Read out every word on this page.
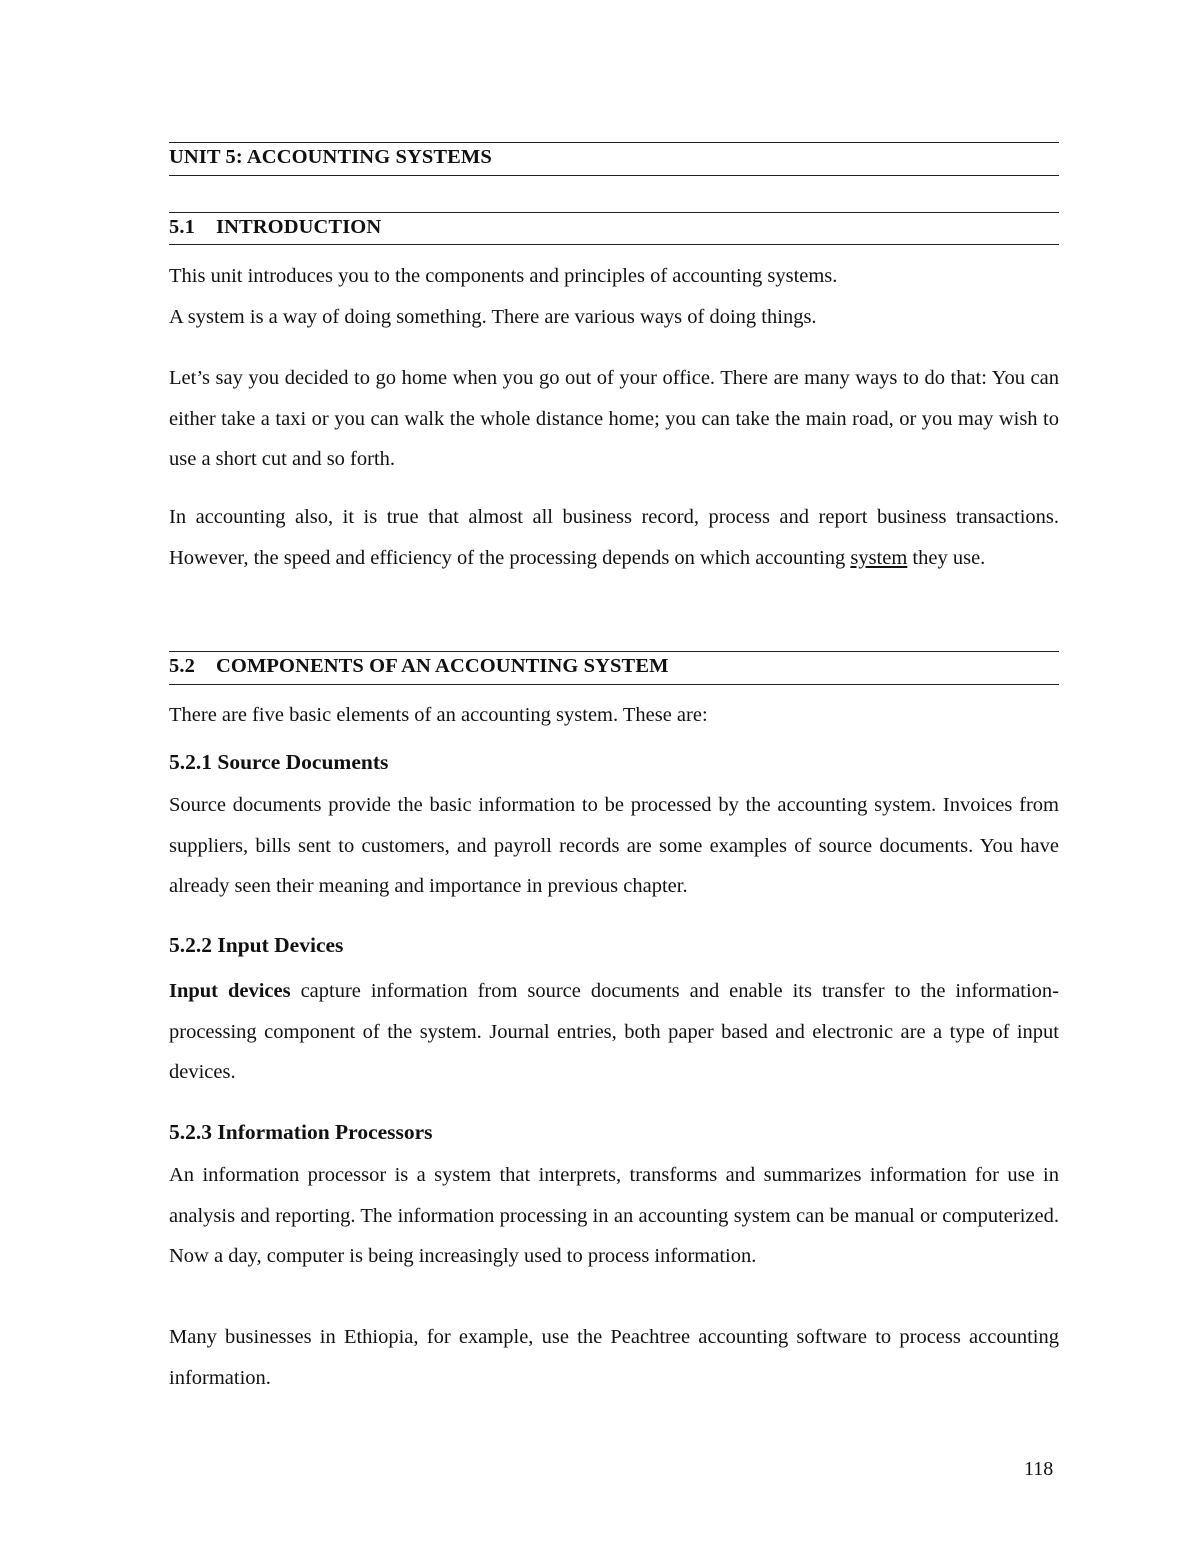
UNIT 5: ACCOUNTING SYSTEMS
5.1 INTRODUCTION

This unit introduces you to the components and principles of accounting systems.

A system is a way of doing something. There are various ways of doing things.

Let’s say you decided to go home when you go out of your office. There are many ways to do that: You can either take a taxi or you can walk the whole distance home; you can take the main road, or you may wish to use a short cut and so forth.

In accounting also, it is true that almost all business record, process and report business transactions. However, the speed and efficiency of the processing depends on which accounting system they use.

5.2 COMPONENTS OF AN ACCOUNTING SYSTEM

There are five basic elements of an accounting system. These are:

5.2.1 Source Documents

Source documents provide the basic information to be processed by the accounting system. Invoices from suppliers, bills sent to customers, and payroll records are some examples of source documents. You have already seen their meaning and importance in previous chapter.

5.2.2 Input Devices

Input devices capture information from source documents and enable its transfer to the information-processing component of the system. Journal entries, both paper based and electronic are a type of input devices.

5.2.3 Information Processors

An information processor is a system that interprets, transforms and summarizes information for use in analysis and reporting. The information processing in an accounting system can be manual or computerized. Now a day, computer is being increasingly used to process information.

Many businesses in Ethiopia, for example, use the Peachtree accounting software to process accounting information.

118
